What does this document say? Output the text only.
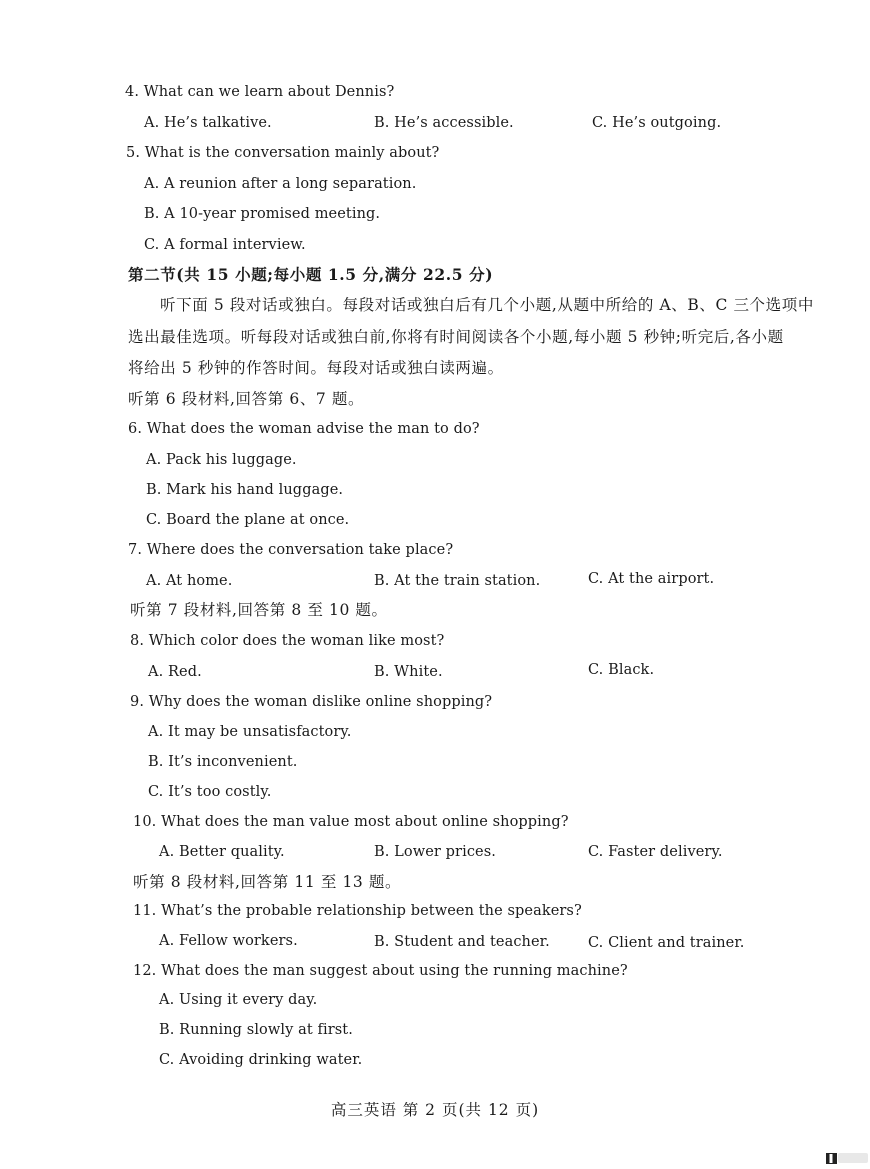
4. What can we learn about Dennis?
A. He’s talkative.	B. He’s accessible.	C. He’s outgoing.
5. What is the conversation mainly about?
A. A reunion after a long separation.
B. A 10-year promised meeting.
C. A formal interview.
第二节(共 15 小题;每小题 1.5 分,满分 22.5 分)
听下面 5 段对话或独白。每段对话或独白后有几个小题,从题中所给的 A、B、C 三个选项中
选出最佳选项。听每段对话或独白前,你将有时间阅读各个小题,每小题 5 秒钟;听完后,各小题
将给出 5 秒钟的作答时间。每段对话或独白读两遍。
听第 6 段材料,回答第 6、7 题。
6. What does the woman advise the man to do?
A. Pack his luggage.
B. Mark his hand luggage.
C. Board the plane at once.
7. Where does the conversation take place?
A. At home.	B. At the train station.	C. At the airport.
听第 7 段材料,回答第 8 至 10 题。
8. Which color does the woman like most?
A. Red.	B. White.	C. Black.
9. Why does the woman dislike online shopping?
A. It may be unsatisfactory.
B. It’s inconvenient.
C. It’s too costly.
10. What does the man value most about online shopping?
A. Better quality.	B. Lower prices.	C. Faster delivery.
听第 8 段材料,回答第 11 至 13 题。
11. What’s the probable relationship between the speakers?
A. Fellow workers.	B. Student and teacher.	C. Client and trainer.
12. What does the man suggest about using the running machine?
A. Using it every day.
B. Running slowly at first.
C. Avoiding drinking water.
高三英语 第 2 页(共 12 页)
